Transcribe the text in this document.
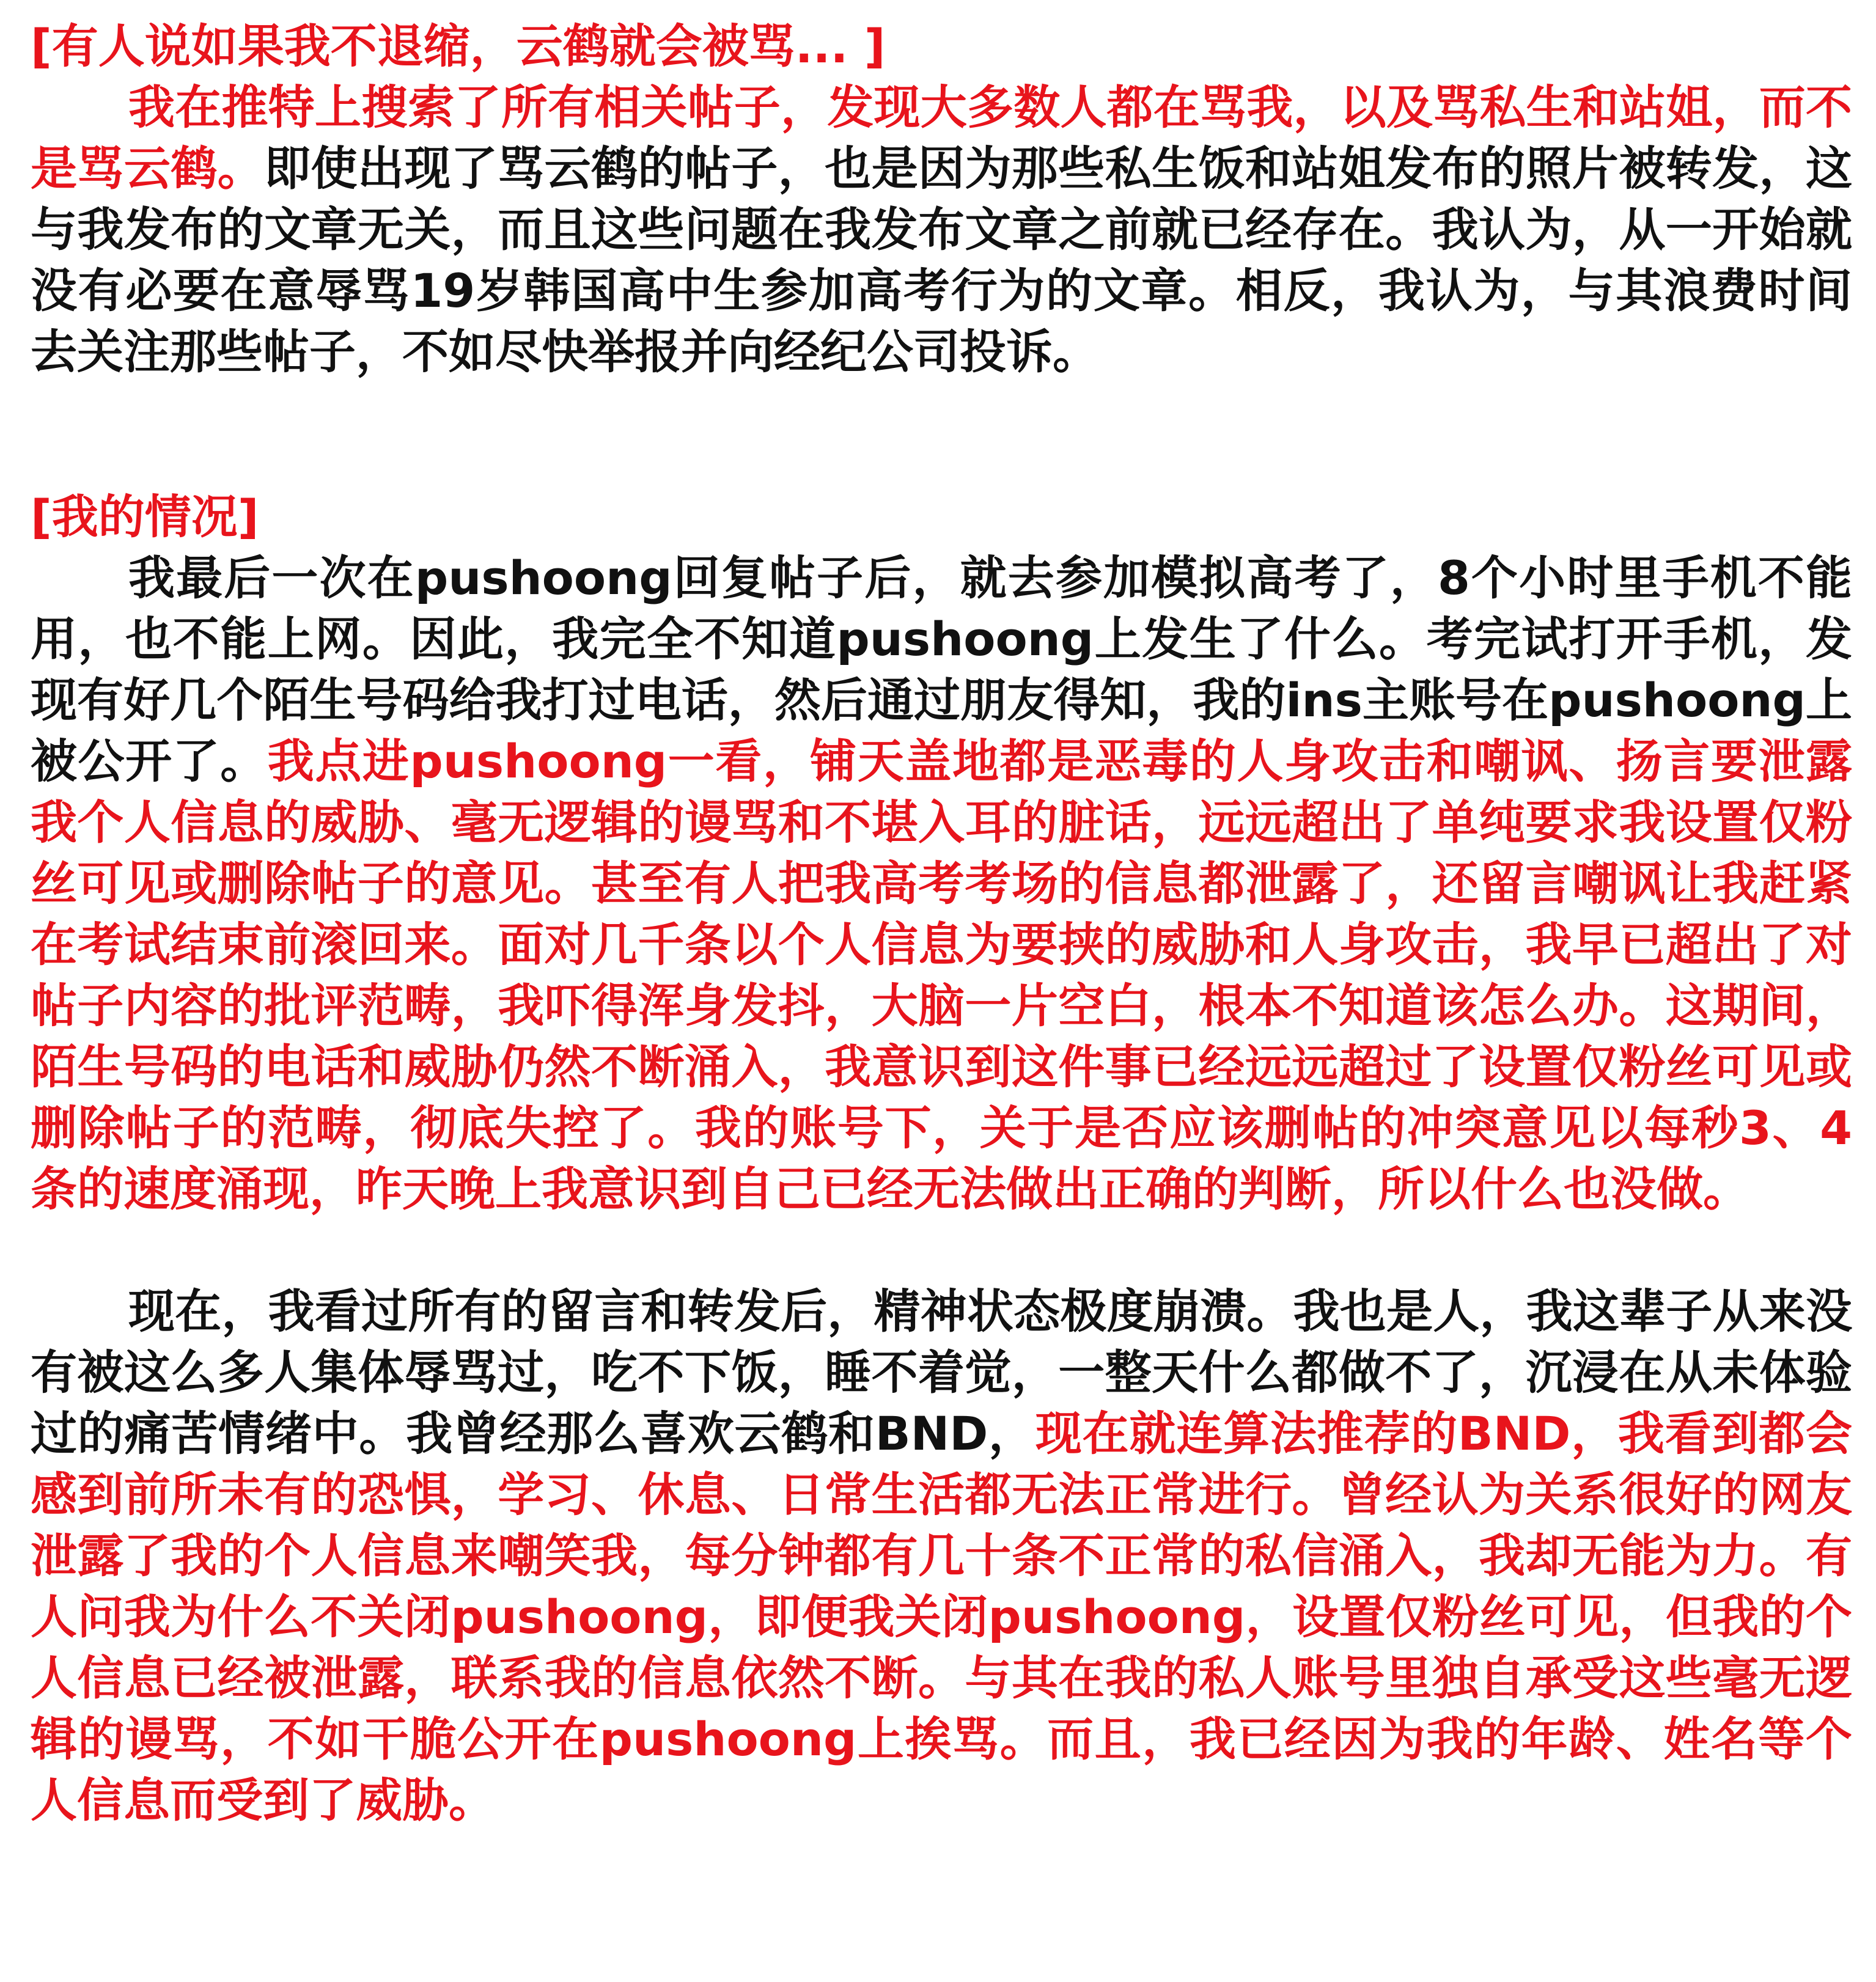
[有人说如果我不退缩，云鹤就会被骂... ]

我在推特上搜索了所有相关帖子，发现大多数人都在骂我，以及骂私生和站姐，而不是骂云鹤。即使出现了骂云鹤的帖子，也是因为那些私生饭和站姐发布的照片被转发，这与我发布的文章无关，而且这些问题在我发布文章之前就已经存在。我认为，从一开始就没有必要在意辱骂19岁韩国高中生参加高考行为的文章。相反，我认为，与其浪费时间去关注那些帖子，不如尽快举报并向经纪公司投诉。

[我的情况]

我最后一次在pushoong回复帖子后，就去参加模拟高考了，8个小时里手机不能用，也不能上网。因此，我完全不知道pushoong上发生了什么。考完试打开手机，发现有好几个陌生号码给我打过电话，然后通过朋友得知，我的ins主账号在pushoong上被公开了。我点进pushoong一看，铺天盖地都是恶毒的人身攻击和嘲讽、扬言要泄露我个人信息的威胁、毫无逻辑的谩骂和不堪入耳的脏话，远远超出了单纯要求我设置仅粉丝可见或删除帖子的意见。甚至有人把我高考考场的信息都泄露了，还留言嘲讽让我赶紧在考试结束前滚回来。面对几千条以个人信息为要挟的威胁和人身攻击，我早已超出了对帖子内容的批评范畴，我吓得浑身发抖，大脑一片空白，根本不知道该怎么办。这期间，陌生号码的电话和威胁仍然不断涌入，我意识到这件事已经远远超过了设置仅粉丝可见或删除帖子的范畴，彻底失控了。我的账号下，关于是否应该删帖的冲突意见以每秒3、4条的速度涌现，昨天晚上我意识到自己已经无法做出正确的判断，所以什么也没做。

现在，我看过所有的留言和转发后，精神状态极度崩溃。我也是人，我这辈子从来没有被这么多人集体辱骂过，吃不下饭，睡不着觉，一整天什么都做不了，沉浸在从未体验过的痛苦情绪中。我曾经那么喜欢云鹤和BND，现在就连算法推荐的BND，我看到都会感到前所未有的恐惧，学习、休息、日常生活都无法正常进行。曾经认为关系很好的网友泄露了我的个人信息来嘲笑我，每分钟都有几十条不正常的私信涌入，我却无能为力。有人问我为什么不关闭pushoong，即便我关闭pushoong，设置仅粉丝可见，但我的个人信息已经被泄露，联系我的信息依然不断。与其在我的私人账号里独自承受这些毫无逻辑的谩骂，不如干脆公开在pushoong上挨骂。而且，我已经因为我的年龄、姓名等个人信息而受到了威胁。
